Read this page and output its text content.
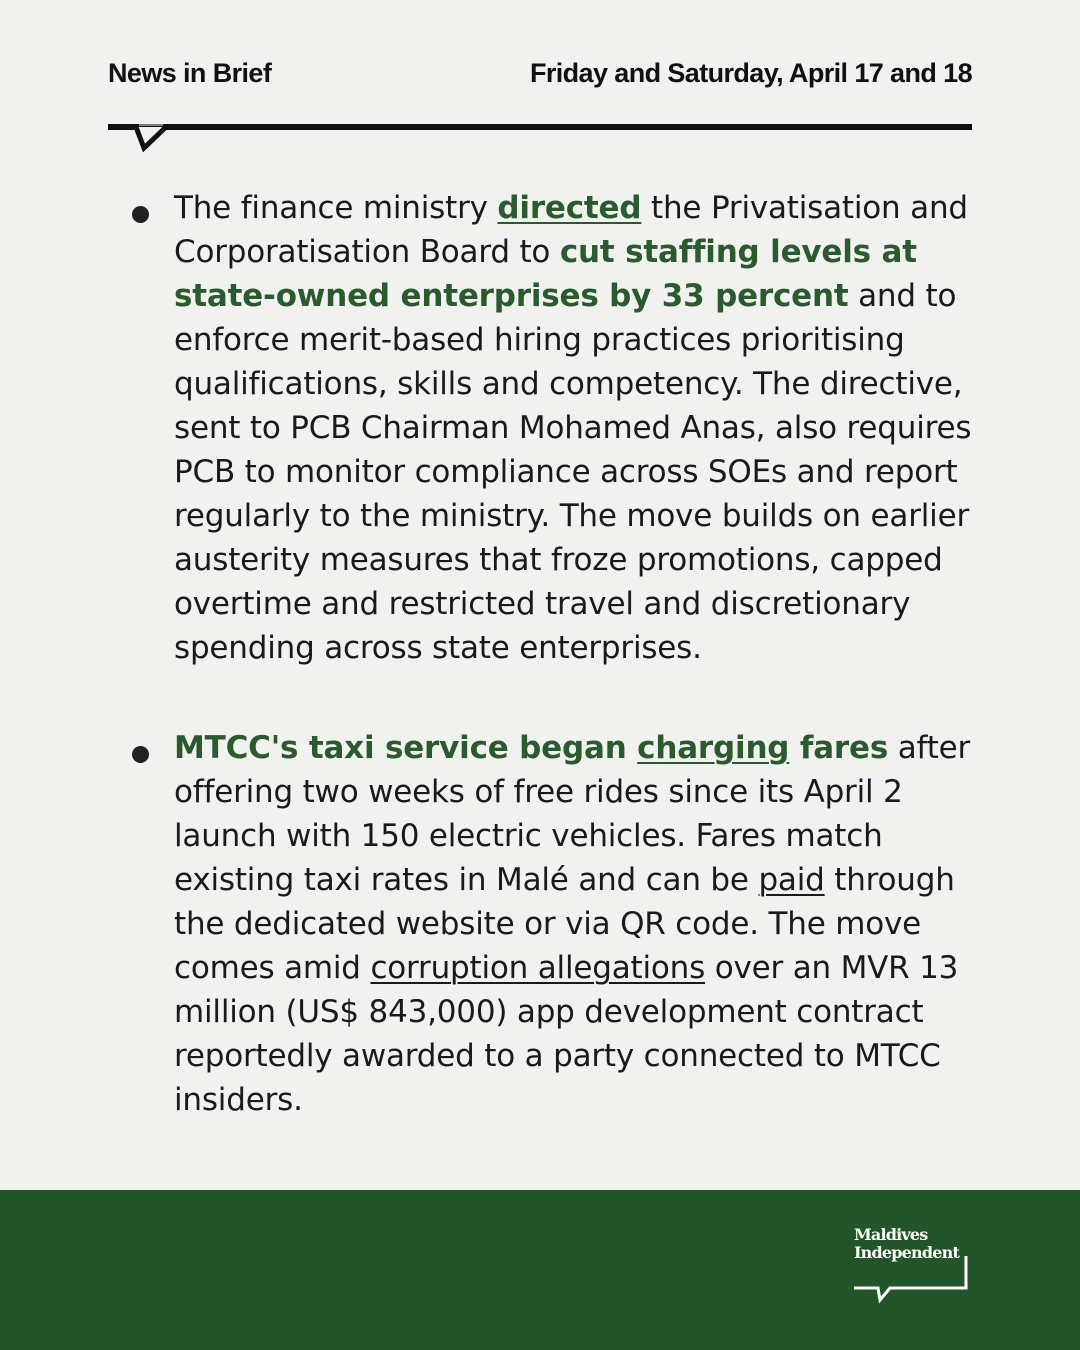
News in Brief	Friday and Saturday, April 17 and 18

The finance ministry directed the Privatisation and Corporatisation Board to cut staffing levels at state-owned enterprises by 33 percent and to enforce merit-based hiring practices prioritising qualifications, skills and competency. The directive, sent to PCB Chairman Mohamed Anas, also requires PCB to monitor compliance across SOEs and report regularly to the ministry. The move builds on earlier austerity measures that froze promotions, capped overtime and restricted travel and discretionary spending across state enterprises.

MTCC's taxi service began charging fares after offering two weeks of free rides since its April 2 launch with 150 electric vehicles. Fares match existing taxi rates in Malé and can be paid through the dedicated website or via QR code. The move comes amid corruption allegations over an MVR 13 million (US$ 843,000) app development contract reportedly awarded to a party connected to MTCC insiders.

Maldives
Independent
